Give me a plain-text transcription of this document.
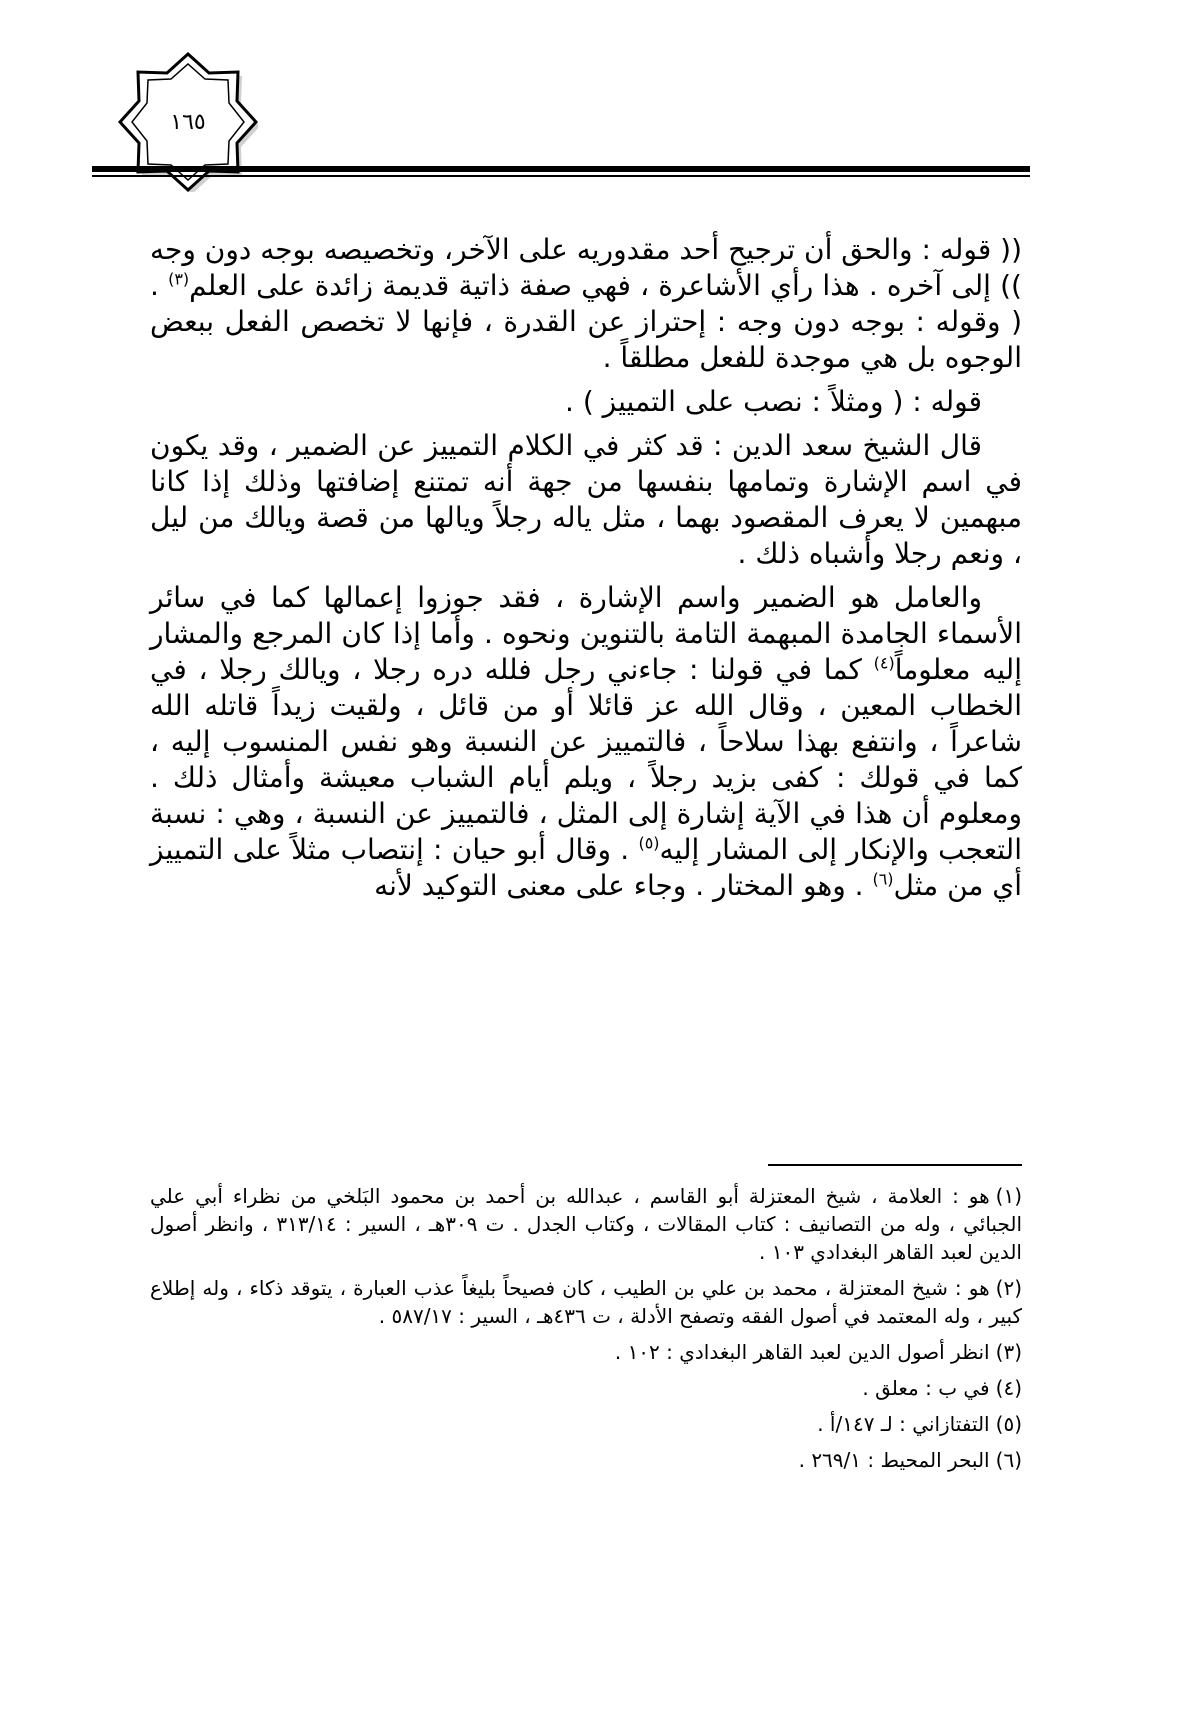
١٦٥

(( قوله : والحق أن ترجيح أحد مقدوريه على الآخر، وتخصيصه بوجه دون وجه )) إلى آخره . هذا رأي الأشاعرة ، فهي صفة ذاتية قديمة زائدة على العلم$^{(٣)}$ . ( وقوله : بوجه دون وجه : إحتراز عن القدرة ، فإنها لا تخصص الفعل ببعض الوجوه بل هي موجدة للفعل مطلقاً .

قوله : ( ومثلاً : نصب على التمييز ) .

قال الشيخ سعد الدين : قد كثر في الكلام التمييز عن الضمير ، وقد يكون في اسم الإشارة وتمامها بنفسها من جهة أنه تمتنع إضافتها وذلك إذا كانا مبهمين لا يعرف المقصود بهما ، مثل ياله رجلاً ويالها من قصة ويالك من ليل ، ونعم رجلا وأشباه ذلك .

والعامل هو الضمير واسم الإشارة ، فقد جوزوا إعمالها كما في سائر الأسماء الجامدة المبهمة التامة بالتنوين ونحوه . وأما إذا كان المرجع والمشار إليه معلوماً$^{(٤)}$ كما في قولنا : جاءني رجل فلله دره رجلا ، ويالك رجلا ، في الخطاب المعين ، وقال الله عز قائلا أو من قائل ، ولقيت زيداً قاتله الله شاعراً ، وانتفع بهذا سلاحاً ، فالتمييز عن النسبة وهو نفس المنسوب إليه ، كما في قولك : كفى بزيد رجلاً ، ويلم أيام الشباب معيشة وأمثال ذلك . ومعلوم أن هذا في الآية إشارة إلى المثل ، فالتمييز عن النسبة ، وهي : نسبة التعجب والإنكار إلى المشار إليه$^{(٥)}$ . وقال أبو حيان : إنتصاب مثلاً على التمييز أي من مثل$^{(٦)}$ . وهو المختار . وجاء على معنى التوكيد لأنه

(١)هو : العلامة ، شيخ المعتزلة أبو القاسم ، عبدالله بن أحمد بن محمود البَلخي من نظراء أبي علي الجبائي ، وله من التصانيف : كتاب المقالات ، وكتاب الجدل . ت ٣٠٩هـ ، السير : ٣١٣/١٤ ، وانظر أصول الدين لعبد القاهر البغدادي ١٠٣ .
(٢)هو : شيخ المعتزلة ، محمد بن علي بن الطيب ، كان فصيحاً بليغاً عذب العبارة ، يتوقد ذكاء ، وله إطلاع كبير ، وله المعتمد في أصول الفقه وتصفح الأدلة ، ت ٤٣٦هـ ، السير : ٥٨٧/١٧ .
(٣)انظر أصول الدين لعبد القاهر البغدادي : ١٠٢ .
(٤)في ب : معلق .
(٥)التفتازاني : لـ ١٤٧/أ .
(٦)البحر المحيط : ٢٦٩/١ .
